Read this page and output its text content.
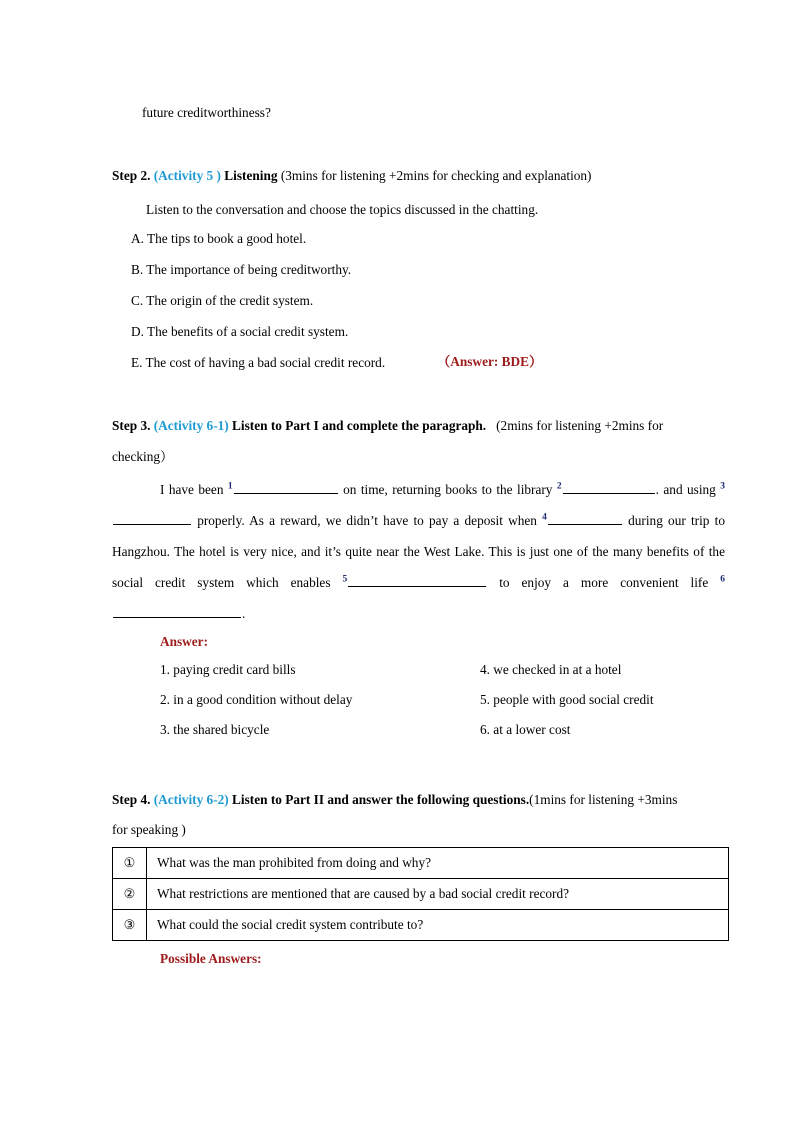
future creditworthiness?
Step 2. (Activity 5 ) Listening (3mins for listening +2mins for checking and explanation)
Listen to the conversation and choose the topics discussed in the chatting.
A. The tips to book a good hotel.
B. The importance of being creditworthy.
C. The origin of the credit system.
D. The benefits of a social credit system.
E. The cost of having a bad social credit record.	（Answer: BDE）
Step 3. (Activity 6-1) Listen to Part I and complete the paragraph. (2mins for listening +2mins for
checking）
I have been $^1$	on time, returning books to the library $^2$	. and using $^3$ properly. As a reward, we didn’t have to pay a deposit when $^4$	during our trip to Hangzhou. The hotel is very nice, and it’s quite near the West Lake. This is just one of the many benefits of the social credit system which enables $^5$	to enjoy a more convenient life $^6$.
Answer:
1. paying credit card bills	4. we checked in at a hotel
2. in a good condition without delay	5. people with good social credit
3. the shared bicycle	6. at a lower cost
Step 4. (Activity 6-2) Listen to Part II and answer the following questions.(1mins for listening +3mins
for speaking )
①	What was the man prohibited from doing and why?
②	What restrictions are mentioned that are caused by a bad social credit record?
③	What could the social credit system contribute to?
Possible Answers:
